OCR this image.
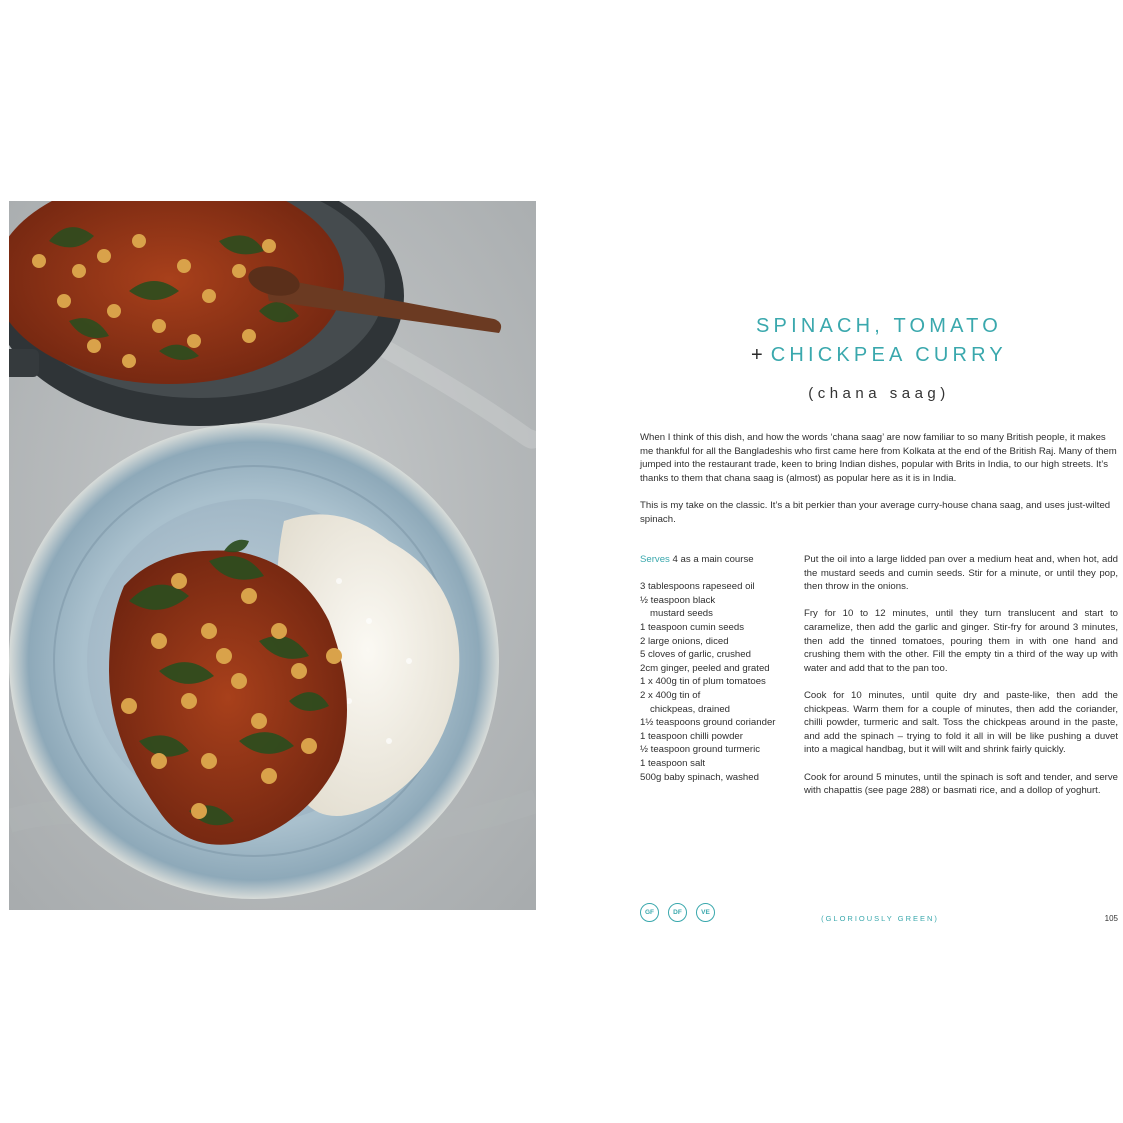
SPINACH, TOMATO
+ CHICKPEA CURRY
(chana saag)

When I think of this dish, and how the words ‘chana saag’ are now familiar to so many British people, it makes me thankful for all the Bangladeshis who first came here from Kolkata at the end of the British Raj. Many of them jumped into the restaurant trade, keen to bring Indian dishes, popular with Brits in India, to our high streets. It’s thanks to them that chana saag is (almost) as popular here as it is in India.

This is my take on the classic. It’s a bit perkier than your average curry-house chana saag, and uses just-wilted spinach.

Serves 4 as a main course
3 tablespoons rapeseed oil
½ teaspoon black
mustard seeds
1 teaspoon cumin seeds
2 large onions, diced
5 cloves of garlic, crushed
2cm ginger, peeled and grated
1 x 400g tin of plum tomatoes
2 x 400g tin of
chickpeas, drained
1½ teaspoons ground coriander
1 teaspoon chilli powder
½ teaspoon ground turmeric
1 teaspoon salt
500g baby spinach, washed

Put the oil into a large lidded pan over a medium heat and, when hot, add the mustard seeds and cumin seeds. Stir for a minute, or until they pop, then throw in the onions.

Fry for 10 to 12 minutes, until they turn translucent and start to caramelize, then add the garlic and ginger. Stir-fry for around 3 minutes, then add the tinned tomatoes, pouring them in with one hand and crushing them with the other. Fill the empty tin a third of the way up with water and add that to the pan too.

Cook for 10 minutes, until quite dry and paste-like, then add the chickpeas. Warm them for a couple of minutes, then add the coriander, chilli powder, turmeric and salt. Toss the chickpeas around in the paste, and add the spinach – trying to fold it all in will be like pushing a duvet into a magical handbag, but it will wilt and shrink fairly quickly.

Cook for around 5 minutes, until the spinach is soft and tender, and serve with chapattis (see page 288) or basmati rice, and a dollop of yoghurt.

GF	DF	VE
(GLORIOUSLY GREEN)	105
